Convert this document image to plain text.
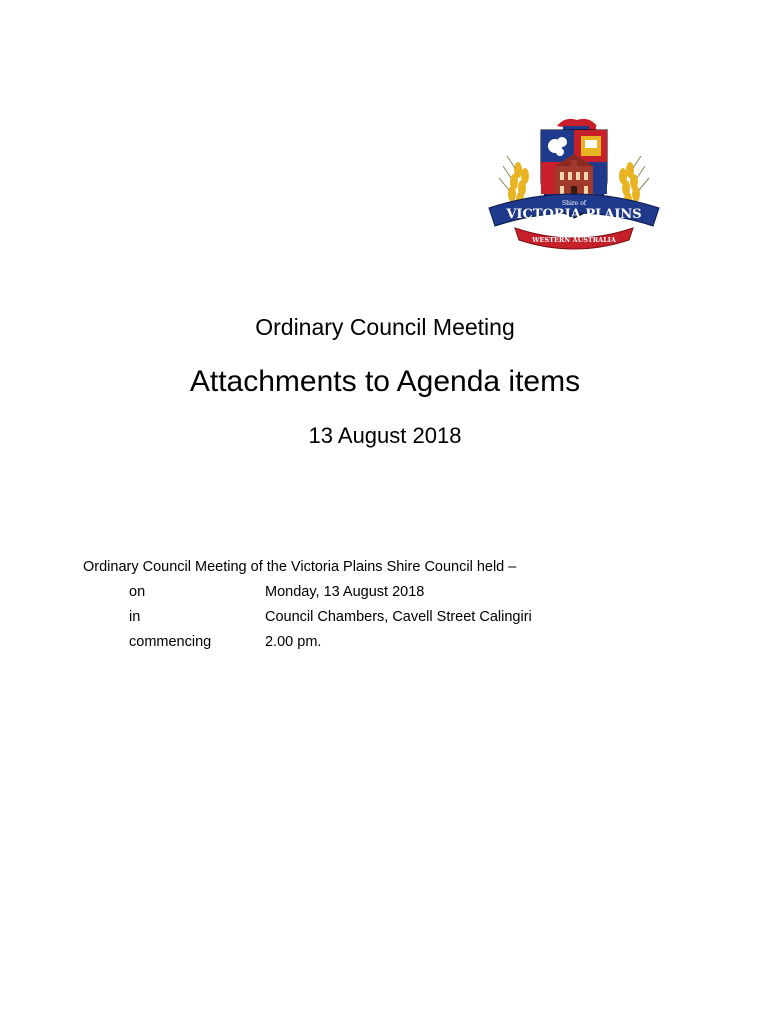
Shire of
VICTORIA PLAINS
WESTERN AUSTRALIA
Ordinary Council Meeting
Attachments to Agenda items
13 August 2018
Ordinary Council Meeting of the Victoria Plains Shire Council held –
on	Monday, 13 August 2018
in	Council Chambers, Cavell Street Calingiri
commencing	2.00 pm.
